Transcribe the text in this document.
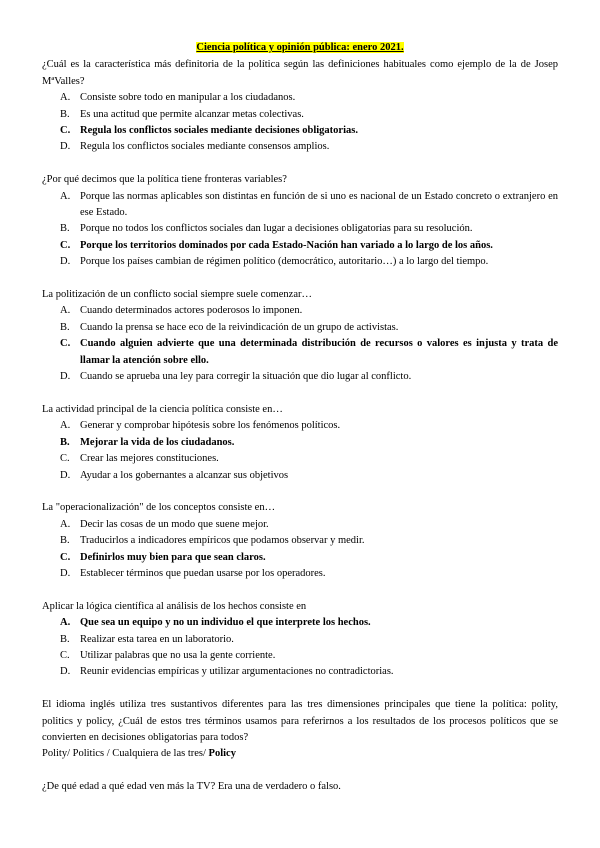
Ciencia política y opinión pública: enero 2021.

¿Cuál es la característica más definitoria de la política según las definiciones habituales como ejemplo de la de Josep MªValles?

A. Consiste sobre todo en manipular a los ciudadanos.
B. Es una actitud que permite alcanzar metas colectivas.
C. Regula los conflictos sociales mediante decisiones obligatorias.
D. Regula los conflictos sociales mediante consensos amplios.

¿Por qué decimos que la política tiene fronteras variables?

A. Porque las normas aplicables son distintas en función de si uno es nacional de un Estado concreto o extranjero en ese Estado.
B. Porque no todos los conflictos sociales dan lugar a decisiones obligatorias para su resolución.
C. Porque los territorios dominados por cada Estado-Nación han variado a lo largo de los años.
D. Porque los países cambian de régimen político (democrático, autoritario…) a lo largo del tiempo.

La politización de un conflicto social siempre suele comenzar…

A. Cuando determinados actores poderosos lo imponen.
B. Cuando la prensa se hace eco de la reivindicación de un grupo de activistas.
C. Cuando alguien advierte que una determinada distribución de recursos o valores es injusta y trata de llamar la atención sobre ello.
D. Cuando se aprueba una ley para corregir la situación que dio lugar al conflicto.

La actividad principal de la ciencia política consiste en…

A. Generar y comprobar hipótesis sobre los fenómenos políticos.
B. Mejorar la vida de los ciudadanos.
C. Crear las mejores constituciones.
D. Ayudar a los gobernantes a alcanzar sus objetivos

La "operacionalización" de los conceptos consiste en…

A. Decir las cosas de un modo que suene mejor.
B. Traducirlos a indicadores empíricos que podamos observar y medir.
C. Definirlos muy bien para que sean claros.
D. Establecer términos que puedan usarse por los operadores.

Aplicar la lógica científica al análisis de los hechos consiste en

A. Que sea un equipo y no un individuo el que interprete los hechos.
B. Realizar esta tarea en un laboratorio.
C. Utilizar palabras que no usa la gente corriente.
D. Reunir evidencias empíricas y utilizar argumentaciones no contradictorias.

El idioma inglés utiliza tres sustantivos diferentes para las tres dimensiones principales que tiene la política: polity, politics y policy, ¿Cuál de estos tres términos usamos para referirnos a los resultados de los procesos políticos que se convierten en decisiones obligatorias para todos?

Polity/ Politics / Cualquiera de las tres/ Policy

¿De qué edad a qué edad ven más la TV? Era una de verdadero o falso.
